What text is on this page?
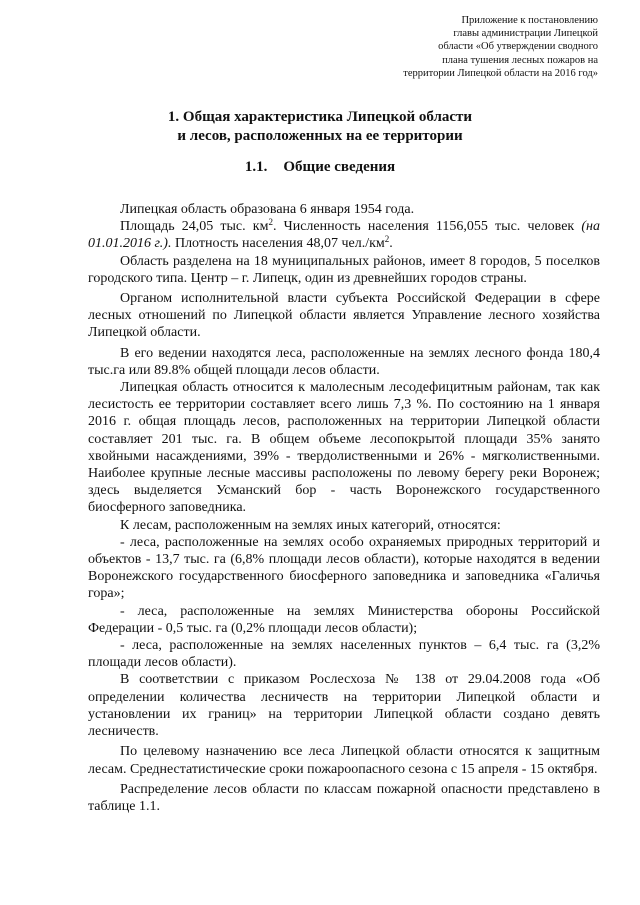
Приложение к постановлению
главы администрации Липецкой
области «Об утверждении сводного
плана тушения лесных пожаров на
территории Липецкой области на 2016 год»
1. Общая характеристика Липецкой области
и лесов, расположенных на ее территории
1.1. Общие сведения

Липецкая область образована 6 января 1954 года.

Площадь 24,05 тыс. $км^2$. Численность населения 1156,055 тыс. человек (на 01.01.2016 г.). Плотность населения 48,07 $чел./км^2$.

Область разделена на 18 муниципальных районов, имеет 8 городов, 5 поселков городского типа. Центр – г. Липецк, один из древнейших городов страны.

Органом исполнительной власти субъекта Российской Федерации в сфере лесных отношений по Липецкой области является Управление лесного хозяйства Липецкой области.

В его ведении находятся леса, расположенные на землях лесного фонда 180,4 тыс.га или 89.8% общей площади лесов области.

Липецкая область относится к малолесным лесодефицитным районам, так как лесистость ее территории составляет всего лишь 7,3 %. По состоянию на 1 января 2016 г. общая площадь лесов, расположенных на территории Липецкой области составляет 201 тыс. га. В общем объеме лесопокрытой площади 35% занято хвойными насаждениями, 39% - твердолиственными и 26% - мягколиственными. Наиболее крупные лесные массивы расположены по левому берегу реки Воронеж; здесь выделяется Усманский бор - часть Воронежского государственного биосферного заповедника.

К лесам, расположенным на землях иных категорий, относятся:

- леса, расположенные на землях особо охраняемых природных территорий и объектов - 13,7 тыс. га (6,8% площади лесов области), которые находятся в ведении Воронежского государственного биосферного заповедника и заповедника «Галичья гора»;

- леса, расположенные на землях Министерства обороны Российской Федерации - 0,5 тыс. га (0,2% площади лесов области);

- леса, расположенные на землях населенных пунктов – 6,4 тыс. га (3,2% площади лесов области).

В соответствии с приказом Рослесхоза № 138 от 29.04.2008 года «Об определении количества лесничеств на территории Липецкой области и установлении их границ» на территории Липецкой области создано девять лесничеств.

По целевому назначению все леса Липецкой области относятся к защитным лесам. Среднестатистические сроки пожароопасного сезона с 15 апреля - 15 октября.

Распределение лесов области по классам пожарной опасности представлено в таблице 1.1.
